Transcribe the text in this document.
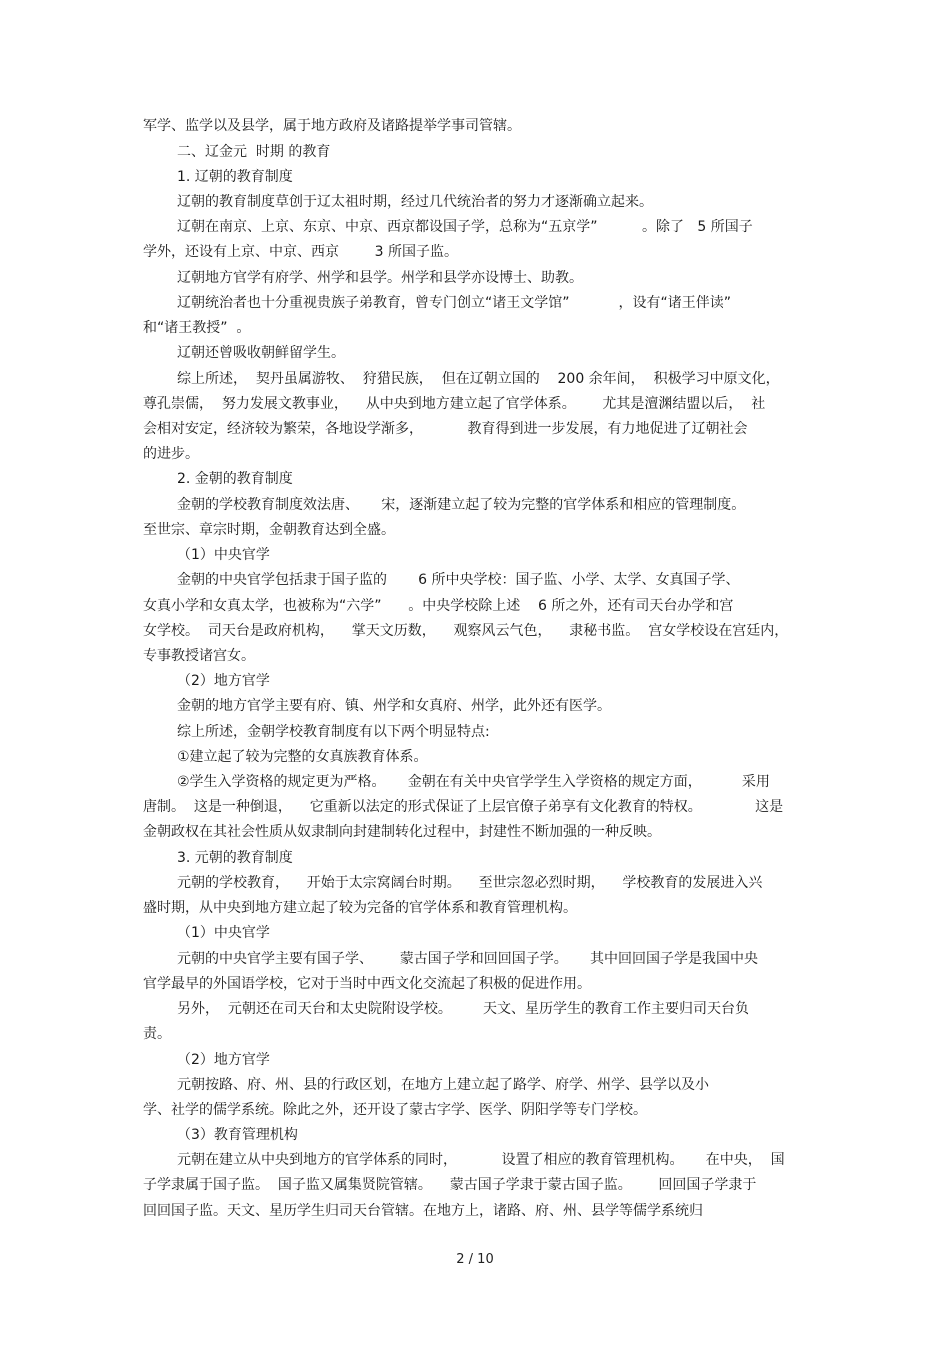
军学、监学以及县学，属于地方政府及诸路提举学事司管辖。
二、辽金元  时期 的教育
1. 辽朝的教育制度
辽朝的教育制度草创于辽太祖时期，经过几代统治者的努力才逐渐确立起来。
辽朝在南京、上京、东京、中京、西京都设国子学，总称为“五京学”          。除了   5 所国子
学外，还设有上京、中京、西京        3 所国子监。
辽朝地方官学有府学、州学和县学。州学和县学亦设博士、助教。
辽朝统治者也十分重视贵族子弟教育，曾专门创立“诸王文学馆”           ，设有“诸王伴读”
和“诸王教授”  。
辽朝还曾吸收朝鲜留学生。
综上所述，  契丹虽属游牧、  狩猎民族，  但在辽朝立国的    200 余年间，  积极学习中原文化，
尊孔崇儒，  努力发展文教事业，    从中央到地方建立起了官学体系。      尤其是澶渊结盟以后，  社
会相对安定，经济较为繁荣，各地设学渐多，          教育得到进一步发展，有力地促进了辽朝社会
的进步。
2. 金朝的教育制度
金朝的学校教育制度效法唐、     宋，逐渐建立起了较为完整的官学体系和相应的管理制度。
至世宗、章宗时期，金朝教育达到全盛。
（1）中央官学
金朝的中央官学包括隶于国子监的       6 所中央学校：国子监、小学、太学、女真国子学、
女真小学和女真太学，也被称为“六学”      。中央学校除上述    6 所之外，还有司天台办学和宫
女学校。  司天台是政府机构，    掌天文历数，    观察风云气色，    隶秘书监。  宫女学校设在宫廷内，
专事教授诸宫女。
（2）地方官学
金朝的地方官学主要有府、镇、州学和女真府、州学，此外还有医学。
综上所述，金朝学校教育制度有以下两个明显特点:
①建立起了较为完整的女真族教育体系。
②学生入学资格的规定更为严格。     金朝在有关中央官学学生入学资格的规定方面，         采用
唐制。  这是一种倒退，    它重新以法定的形式保证了上层官僚子弟享有文化教育的特权。            这是
金朝政权在其社会性质从奴隶制向封建制转化过程中，封建性不断加强的一种反映。
3. 元朝的教育制度
元朝的学校教育，    开始于太宗窝阔台时期。    至世宗忽必烈时期，    学校教育的发展进入兴
盛时期，从中央到地方建立起了较为完备的官学体系和教育管理机构。
（1）中央官学
元朝的中央官学主要有国子学、      蒙古国子学和回回国子学。     其中回回国子学是我国中央
官学最早的外国语学校，它对于当时中西文化交流起了积极的促进作用。
另外，  元朝还在司天台和太史院附设学校。       天文、星历学生的教育工作主要归司天台负
责。
（2）地方官学
元朝按路、府、州、县的行政区划，在地方上建立起了路学、府学、州学、县学以及小
学、社学的儒学系统。除此之外，还开设了蒙古字学、医学、阴阳学等专门学校。
（3）教育管理机构
元朝在建立从中央到地方的官学体系的同时，          设置了相应的教育管理机构。     在中央，  国
子学隶属于国子监。  国子监又属集贤院管辖。    蒙古国子学隶于蒙古国子监。      回回国子学隶于
回回国子监。天文、星历学生归司天台管辖。在地方上，诸路、府、州、县学等儒学系统归
2 / 10
